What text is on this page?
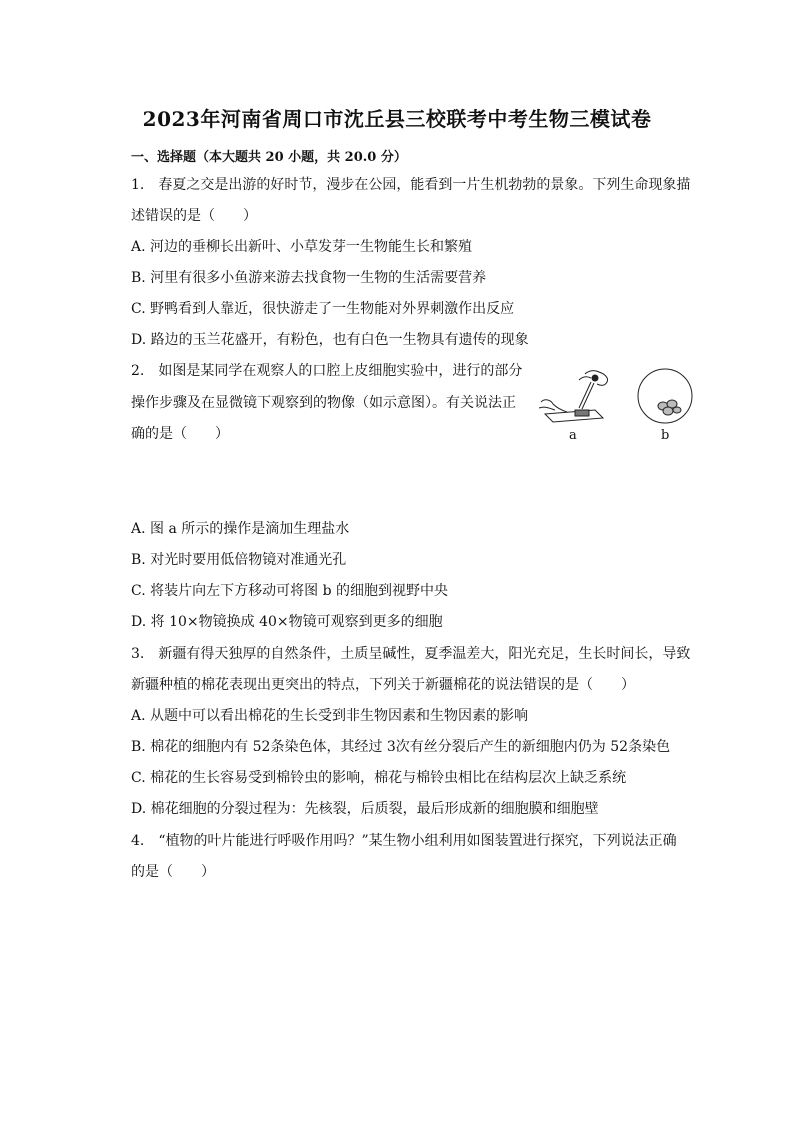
2023年河南省周口市沈丘县三校联考中考生物三模试卷

一、选择题（本大题共 20 小题，共 20.0 分）

1.　春夏之交是出游的好时节，漫步在公园，能看到一片生机勃勃的景象。下列生命现象描

述错误的是（　　）

A. 河边的垂柳长出新叶、小草发芽一生物能生长和繁殖

B. 河里有很多小鱼游来游去找食物一生物的生活需要营养

C. 野鸭看到人靠近，很快游走了一生物能对外界刺激作出反应

D. 路边的玉兰花盛开，有粉色，也有白色一生物具有遗传的现象

2.　如图是某同学在观察人的口腔上皮细胞实验中，进行的部分

操作步骤及在显微镜下观察到的物像（如示意图）。有关说法正

确的是（　　）	a	b

A. 图 a 所示的操作是滴加生理盐水

B. 对光时要用低倍物镜对准通光孔

C. 将装片向左下方移动可将图 b 的细胞到视野中央

D. 将 10×物镜换成 40×物镜可观察到更多的细胞

3.　新疆有得天独厚的自然条件，土质呈碱性，夏季温差大，阳光充足，生长时间长，导致

新疆种植的棉花表现出更突出的特点，下列关于新疆棉花的说法错误的是（　　）

A. 从题中可以看出棉花的生长受到非生物因素和生物因素的影响

B. 棉花的细胞内有 52条染色体，其经过 3次有丝分裂后产生的新细胞内仍为 52条染色

C. 棉花的生长容易受到棉铃虫的影响，棉花与棉铃虫相比在结构层次上缺乏系统

D. 棉花细胞的分裂过程为：先核裂，后质裂，最后形成新的细胞膜和细胞壁

4.　“植物的叶片能进行呼吸作用吗？”某生物小组利用如图装置进行探究，下列说法正确

的是（　　）
